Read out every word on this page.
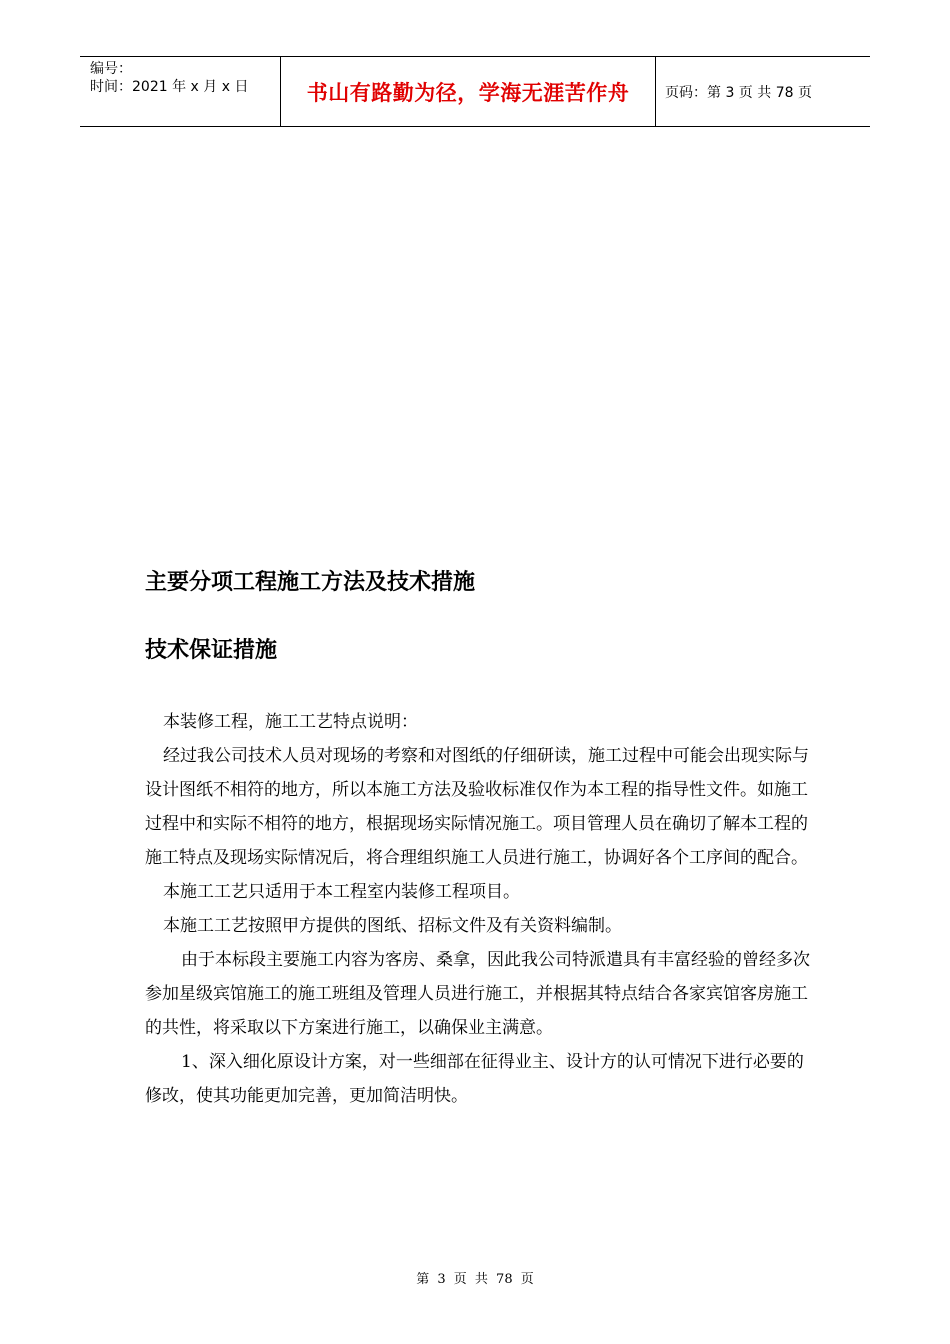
编号：
时间：2021 年 x 月 x 日	书山有路勤为径，学海无涯苦作舟	页码：第 3 页 共 78 页
主要分项工程施工方法及技术措施
技术保证措施

本装修工程，施工工艺特点说明：

经过我公司技术人员对现场的考察和对图纸的仔细研读，施工过程中可能会出现实际与设计图纸不相符的地方，所以本施工方法及验收标准仅作为本工程的指导性文件。如施工过程中和实际不相符的地方，根据现场实际情况施工。项目管理人员在确切了解本工程的施工特点及现场实际情况后，将合理组织施工人员进行施工，协调好各个工序间的配合。

本施工工艺只适用于本工程室内装修工程项目。

本施工工艺按照甲方提供的图纸、招标文件及有关资料编制。

由于本标段主要施工内容为客房、桑拿，因此我公司特派遣具有丰富经验的曾经多次参加星级宾馆施工的施工班组及管理人员进行施工，并根据其特点结合各家宾馆客房施工的共性，将采取以下方案进行施工，以确保业主满意。

1、深入细化原设计方案，对一些细部在征得业主、设计方的认可情况下进行必要的修改，使其功能更加完善，更加简洁明快。

第 3 页 共 78 页
